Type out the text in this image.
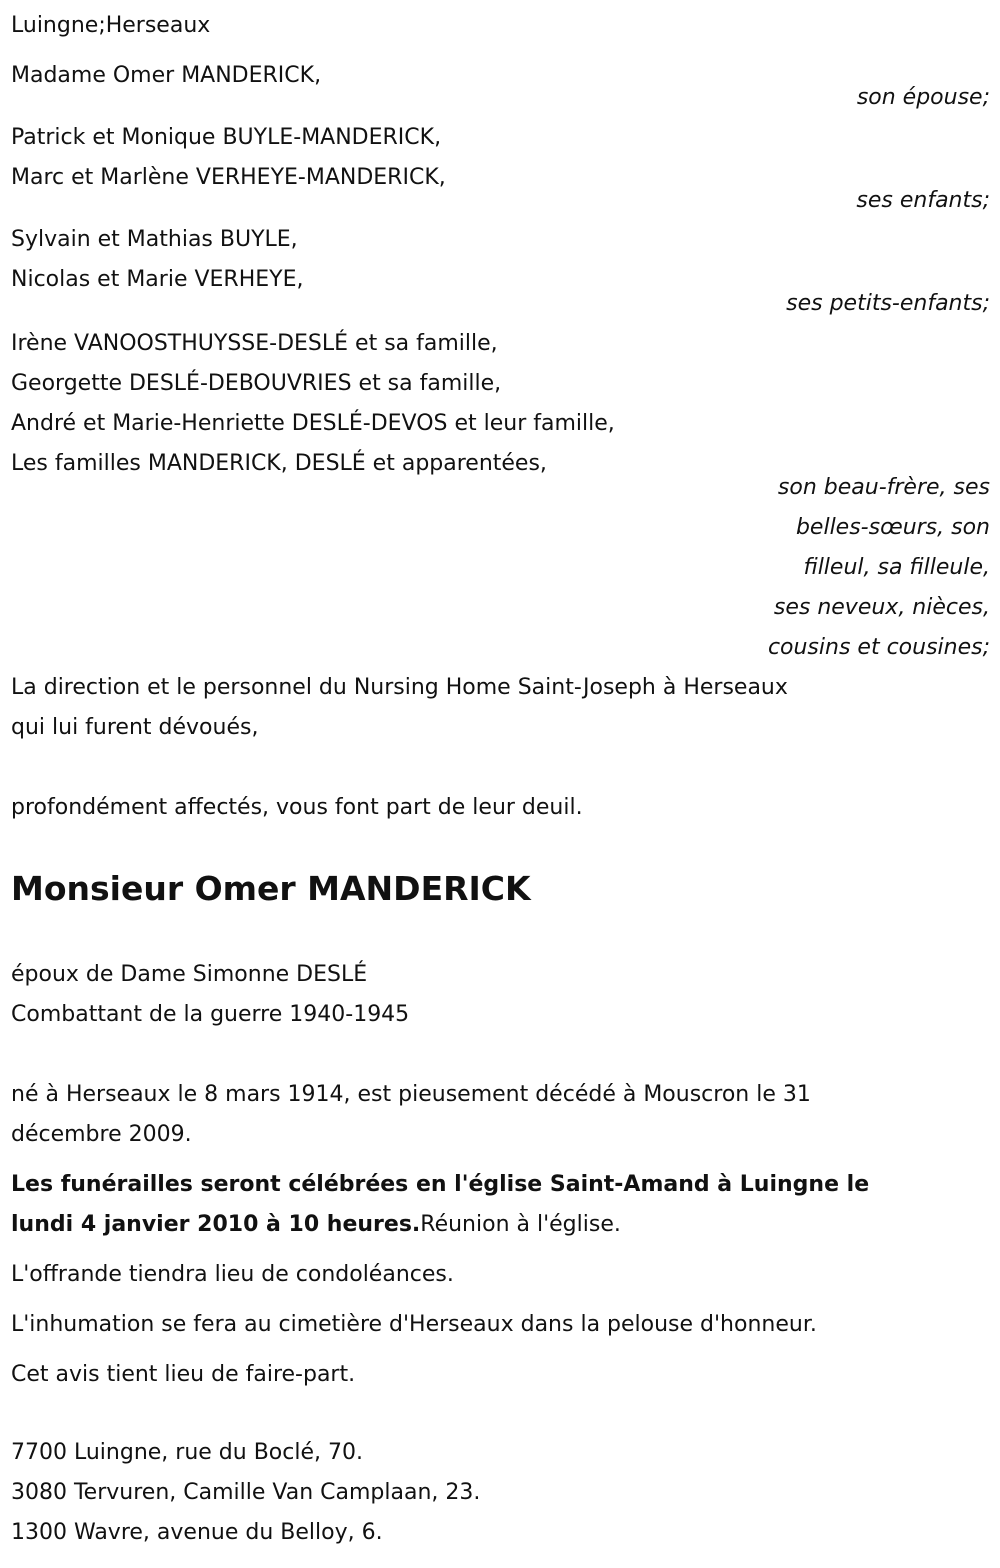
Luingne;Herseaux
Madame Omer MANDERICK,
son épouse;
Patrick et Monique BUYLE-MANDERICK,
Marc et Marlène VERHEYE-MANDERICK,
ses enfants;
Sylvain et Mathias BUYLE,
Nicolas et Marie VERHEYE,
ses petits-enfants;
Irène VANOOSTHUYSSE-DESLÉ et sa famille,
Georgette DESLÉ-DEBOUVRIES et sa famille,
André et Marie-Henriette DESLÉ-DEVOS et leur famille,
Les familles MANDERICK, DESLÉ et apparentées,
son beau-frère, ses
belles-sœurs, son
filleul, sa filleule,
ses neveux, nièces,
cousins et cousines;
La direction et le personnel du Nursing Home Saint-Joseph à Herseaux
qui lui furent dévoués,
profondément affectés, vous font part de leur deuil.
Monsieur Omer MANDERICK
époux de Dame Simonne DESLÉ
Combattant de la guerre 1940-1945
né à Herseaux le 8 mars 1914, est pieusement décédé à Mouscron le 31
décembre 2009.
Les funérailles seront célébrées en l'église Saint-Amand à Luingne le
lundi 4 janvier 2010 à 10 heures.Réunion à l'église.
L'offrande tiendra lieu de condoléances.
L'inhumation se fera au cimetière d'Herseaux dans la pelouse d'honneur.
Cet avis tient lieu de faire-part.
7700 Luingne, rue du Boclé, 70.
3080 Tervuren, Camille Van Camplaan, 23.
1300 Wavre, avenue du Belloy, 6.
